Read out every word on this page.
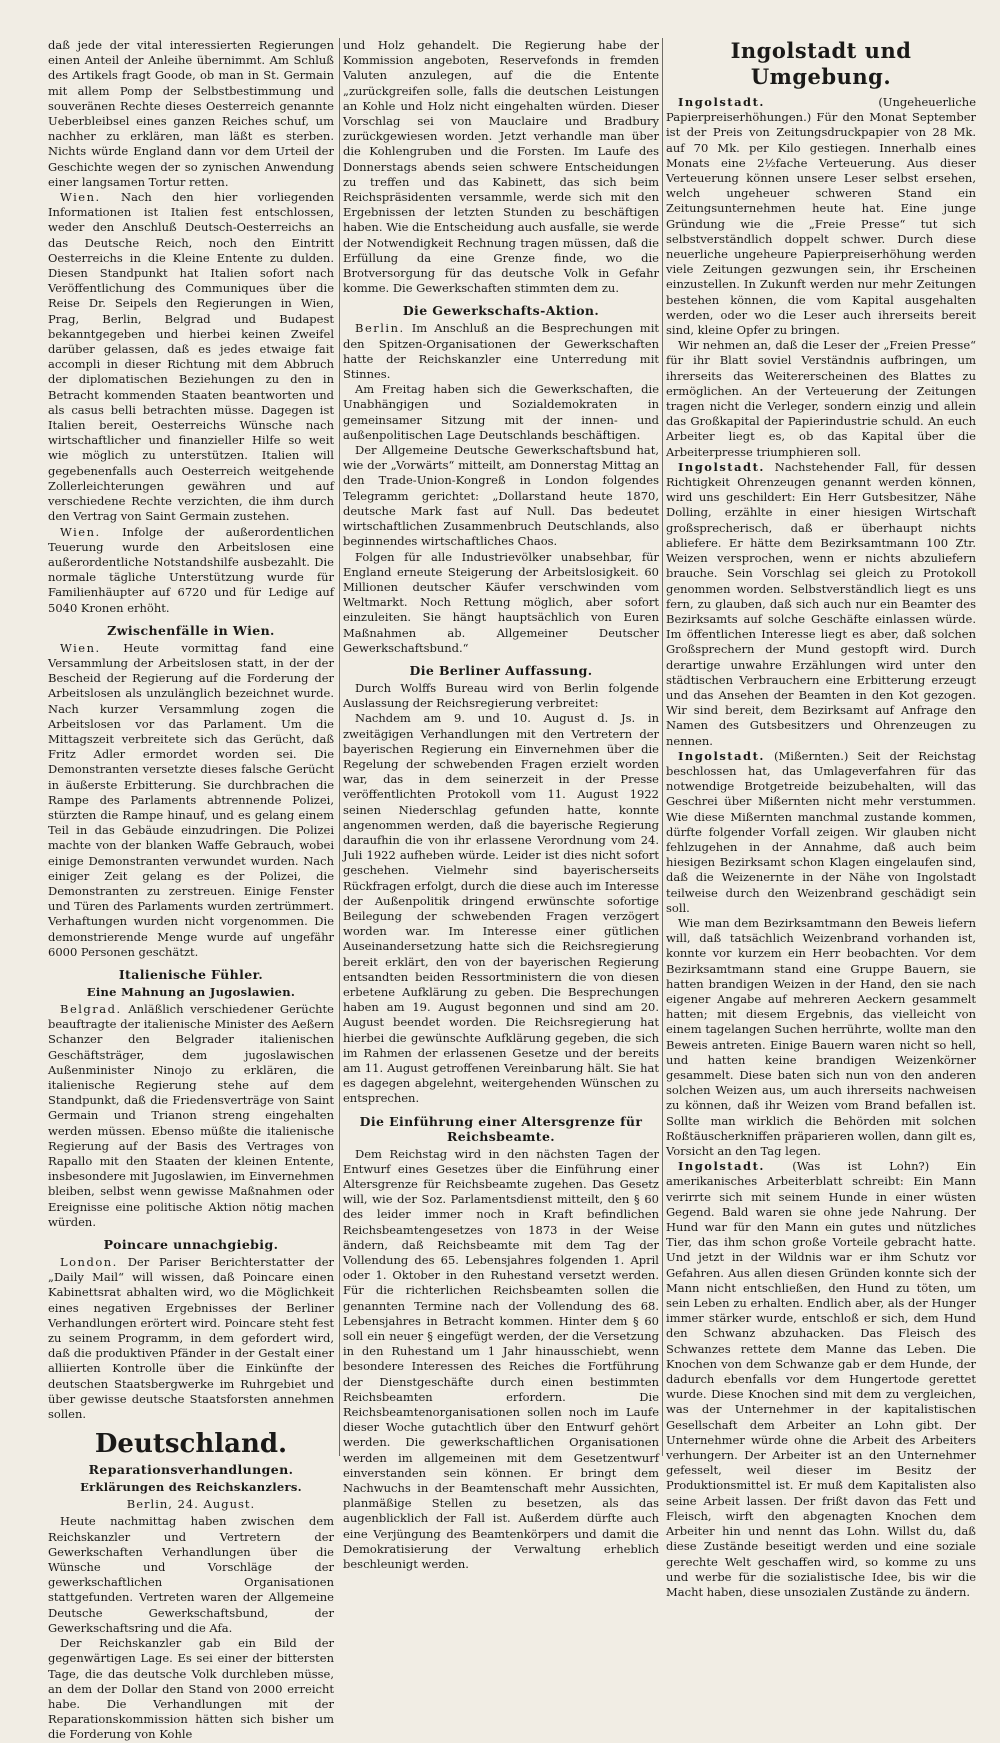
daß jede der vital interessierten Regierungen einen Anteil der Anleihe übernimmt. Am Schluß des Artikels fragt Goode, ob man in St. Germain mit allem Pomp der Selbstbestimmung und souveränen Rechte dieses Oesterreich genannte Ueberbleibsel eines ganzen Reiches schuf, um nachher zu erklären, man läßt es sterben. Nichts würde England dann vor dem Urteil der Geschichte wegen der so zynischen Anwendung einer langsamen Tortur retten.

Wien. Nach den hier vorliegenden Informationen ist Italien fest entschlossen, weder den Anschluß Deutsch-Oesterreichs an das Deutsche Reich, noch den Eintritt Oesterreichs in die Kleine Entente zu dulden. Diesen Standpunkt hat Italien sofort nach Veröffentlichung des Communiques über die Reise Dr. Seipels den Regierungen in Wien, Prag, Berlin, Belgrad und Budapest bekanntgegeben und hierbei keinen Zweifel darüber gelassen, daß es jedes etwaige fait accompli in dieser Richtung mit dem Abbruch der diplomatischen Beziehungen zu den in Betracht kommenden Staaten beantworten und als casus belli betrachten müsse. Dagegen ist Italien bereit, Oesterreichs Wünsche nach wirtschaftlicher und finanzieller Hilfe so weit wie möglich zu unterstützen. Italien will gegebenenfalls auch Oesterreich weitgehende Zollerleichterungen gewähren und auf verschiedene Rechte verzichten, die ihm durch den Vertrag von Saint Germain zustehen.

Wien. Infolge der außerordentlichen Teuerung wurde den Arbeitslosen eine außerordentliche Notstandshilfe ausbezahlt. Die normale tägliche Unterstützung wurde für Familienhäupter auf 6720 und für Ledige auf 5040 Kronen erhöht.

Zwischenfälle in Wien.

Wien. Heute vormittag fand eine Versammlung der Arbeitslosen statt, in der der Bescheid der Regierung auf die Forderung der Arbeitslosen als unzulänglich bezeichnet wurde. Nach kurzer Versammlung zogen die Arbeitslosen vor das Parlament. Um die Mittagszeit verbreitete sich das Gerücht, daß Fritz Adler ermordet worden sei. Die Demonstranten versetzte dieses falsche Gerücht in äußerste Erbitterung. Sie durchbrachen die Rampe des Parlaments abtrennende Polizei, stürzten die Rampe hinauf, und es gelang einem Teil in das Gebäude einzudringen. Die Polizei machte von der blanken Waffe Gebrauch, wobei einige Demonstranten verwundet wurden. Nach einiger Zeit gelang es der Polizei, die Demonstranten zu zerstreuen. Einige Fenster und Türen des Parlaments wurden zertrümmert. Verhaftungen wurden nicht vorgenommen. Die demonstrierende Menge wurde auf ungefähr 6000 Personen geschätzt.

Italienische Fühler.
Eine Mahnung an Jugoslawien.

Belgrad. Anläßlich verschiedener Gerüchte beauftragte der italienische Minister des Aeßern Schanzer den Belgrader italienischen Geschäftsträger, dem jugoslawischen Außenminister Ninojo zu erklären, die italienische Regierung stehe auf dem Standpunkt, daß die Friedensverträge von Saint Germain und Trianon streng eingehalten werden müssen. Ebenso müßte die italienische Regierung auf der Basis des Vertrages von Rapallo mit den Staaten der kleinen Entente, insbesondere mit Jugoslawien, im Einvernehmen bleiben, selbst wenn gewisse Maßnahmen oder Ereignisse eine politische Aktion nötig machen würden.

Poincare unnachgiebig.

London. Der Pariser Berichterstatter der „Daily Mail“ will wissen, daß Poincare einen Kabinettsrat abhalten wird, wo die Möglichkeit eines negativen Ergebnisses der Berliner Verhandlungen erörtert wird. Poincare steht fest zu seinem Programm, in dem gefordert wird, daß die produktiven Pfänder in der Gestalt einer alliierten Kontrolle über die Einkünfte der deutschen Staatsbergwerke im Ruhrgebiet und über gewisse deutsche Staatsforsten annehmen sollen.

Deutschland.
Reparationsverhandlungen.
Erklärungen des Reichskanzlers.
Berlin, 24. August.

Heute nachmittag haben zwischen dem Reichskanzler und Vertretern der Gewerkschaften Verhandlungen über die Wünsche und Vorschläge der gewerkschaftlichen Organisationen stattgefunden. Vertreten waren der Allgemeine Deutsche Gewerkschaftsbund, der Gewerkschaftsring und die Afa.

Der Reichskanzler gab ein Bild der gegenwärtigen Lage. Es sei einer der bittersten Tage, die das deutsche Volk durchleben müsse, an dem der Dollar den Stand von 2000 erreicht habe. Die Verhandlungen mit der Reparationskommission hätten sich bisher um die Forderung von Kohle

und Holz gehandelt. Die Regierung habe der Kommission angeboten, Reservefonds in fremden Valuten anzulegen, auf die die Entente „zurückgreifen solle, falls die deutschen Leistungen an Kohle und Holz nicht eingehalten würden. Dieser Vorschlag sei von Mauclaire und Bradbury zurückgewiesen worden. Jetzt verhandle man über die Kohlengruben und die Forsten. Im Laufe des Donnerstags abends seien schwere Entscheidungen zu treffen und das Kabinett, das sich beim Reichspräsidenten versammle, werde sich mit den Ergebnissen der letzten Stunden zu beschäftigen haben. Wie die Entscheidung auch ausfalle, sie werde der Notwendigkeit Rechnung tragen müssen, daß die Erfüllung da eine Grenze finde, wo die Brotversorgung für das deutsche Volk in Gefahr komme. Die Gewerkschaften stimmten dem zu.

Die Gewerkschafts-Aktion.

Berlin. Im Anschluß an die Besprechungen mit den Spitzen-Organisationen der Gewerkschaften hatte der Reichskanzler eine Unterredung mit Stinnes.

Am Freitag haben sich die Gewerkschaften, die Unabhängigen und Sozialdemokraten in gemeinsamer Sitzung mit der innen- und außenpolitischen Lage Deutschlands beschäftigen.

Der Allgemeine Deutsche Gewerkschaftsbund hat, wie der „Vorwärts“ mitteilt, am Donnerstag Mittag an den Trade-Union-Kongreß in London folgendes Telegramm gerichtet: „Dollarstand heute 1870, deutsche Mark fast auf Null. Das bedeutet wirtschaftlichen Zusammenbruch Deutschlands, also beginnendes wirtschaftliches Chaos.

Folgen für alle Industrievölker unabsehbar, für England erneute Steigerung der Arbeitslosigkeit. 60 Millionen deutscher Käufer verschwinden vom Weltmarkt. Noch Rettung möglich, aber sofort einzuleiten. Sie hängt hauptsächlich von Euren Maßnahmen ab. Allgemeiner Deutscher Gewerkschaftsbund.“

Die Berliner Auffassung.

Durch Wolffs Bureau wird von Berlin folgende Auslassung der Reichsregierung verbreitet:

Nachdem am 9. und 10. August d. Js. in zweitägigen Verhandlungen mit den Vertretern der bayerischen Regierung ein Einvernehmen über die Regelung der schwebenden Fragen erzielt worden war, das in dem seinerzeit in der Presse veröffentlichten Protokoll vom 11. August 1922 seinen Niederschlag gefunden hatte, konnte angenommen werden, daß die bayerische Regierung daraufhin die von ihr erlassene Verordnung vom 24. Juli 1922 aufheben würde. Leider ist dies nicht sofort geschehen. Vielmehr sind bayerischerseits Rückfragen erfolgt, durch die diese auch im Interesse der Außenpolitik dringend erwünschte sofortige Beilegung der schwebenden Fragen verzögert worden war. Im Interesse einer gütlichen Auseinandersetzung hatte sich die Reichsregierung bereit erklärt, den von der bayerischen Regierung entsandten beiden Ressortministern die von diesen erbetene Aufklärung zu geben. Die Besprechungen haben am 19. August begonnen und sind am 20. August beendet worden. Die Reichsregierung hat hierbei die gewünschte Aufklärung gegeben, die sich im Rahmen der erlassenen Gesetze und der bereits am 11. August getroffenen Vereinbarung hält. Sie hat es dagegen abgelehnt, weitergehenden Wünschen zu entsprechen.

Die Einführung einer Altersgrenze für Reichsbeamte.

Dem Reichstag wird in den nächsten Tagen der Entwurf eines Gesetzes über die Einführung einer Altersgrenze für Reichsbeamte zugehen. Das Gesetz will, wie der Soz. Parlamentsdienst mitteilt, den § 60 des leider immer noch in Kraft befindlichen Reichsbeamtengesetzes von 1873 in der Weise ändern, daß Reichsbeamte mit dem Tag der Vollendung des 65. Lebensjahres folgenden 1. April oder 1. Oktober in den Ruhestand versetzt werden. Für die richterlichen Reichsbeamten sollen die genannten Termine nach der Vollendung des 68. Lebensjahres in Betracht kommen. Hinter dem § 60 soll ein neuer § eingefügt werden, der die Versetzung in den Ruhestand um 1 Jahr hinausschiebt, wenn besondere Interessen des Reiches die Fortführung der Dienstgeschäfte durch einen bestimmten Reichsbeamten erfordern. Die Reichsbeamtenorganisationen sollen noch im Laufe dieser Woche gutachtlich über den Entwurf gehört werden. Die gewerkschaftlichen Organisationen werden im allgemeinen mit dem Gesetzentwurf einverstanden sein können. Er bringt dem Nachwuchs in der Beamtenschaft mehr Aussichten, planmäßige Stellen zu besetzen, als das augenblicklich der Fall ist. Außerdem dürfte auch eine Verjüngung des Beamtenkörpers und damit die Demokratisierung der Verwaltung erheblich beschleunigt werden.

Ingolstadt und Umgebung.

Ingolstadt.	(Ungeheuerliche Papierpreiserhöhungen.) Für den Monat September ist der Preis von Zeitungsdruckpapier von 28 Mk. auf 70 Mk. per Kilo gestiegen. Innerhalb eines Monats eine 2½fache Verteuerung. Aus dieser Verteuerung können unsere Leser selbst ersehen, welch ungeheuer schweren Stand ein Zeitungsunternehmen heute hat. Eine junge Gründung wie die „Freie Presse“ tut sich selbstverständlich doppelt schwer. Durch diese neuerliche ungeheure Papierpreiserhöhung werden viele Zeitungen gezwungen sein, ihr Erscheinen einzustellen. In Zukunft werden nur mehr Zeitungen bestehen können, die vom Kapital ausgehalten werden, oder wo die Leser auch ihrerseits bereit sind, kleine Opfer zu bringen.

Wir nehmen an, daß die Leser der „Freien Presse“ für ihr Blatt soviel Verständnis aufbringen, um ihrerseits das Weitererscheinen des Blattes zu ermöglichen. An der Verteuerung der Zeitungen tragen nicht die Verleger, sondern einzig und allein das Großkapital der Papierindustrie schuld. An euch Arbeiter liegt es, ob das Kapital über die Arbeiterpresse triumphieren soll.

Ingolstadt. Nachstehender Fall, für dessen Richtigkeit Ohrenzeugen genannt werden können, wird uns geschildert: Ein Herr Gutsbesitzer, Nähe Dolling, erzählte in einer hiesigen Wirtschaft großsprecherisch, daß er überhaupt nichts abliefere. Er hätte dem Bezirksamtmann 100 Ztr. Weizen versprochen, wenn er nichts abzuliefern brauche. Sein Vorschlag sei gleich zu Protokoll genommen worden. Selbstverständlich liegt es uns fern, zu glauben, daß sich auch nur ein Beamter des Bezirksamts auf solche Geschäfte einlassen würde. Im öffentlichen Interesse liegt es aber, daß solchen Großsprechern der Mund gestopft wird. Durch derartige unwahre Erzählungen wird unter den städtischen Verbrauchern eine Erbitterung erzeugt und das Ansehen der Beamten in den Kot gezogen. Wir sind bereit, dem Bezirksamt auf Anfrage den Namen des Gutsbesitzers und Ohrenzeugen zu nennen.

Ingolstadt. (Mißernten.) Seit der Reichstag beschlossen hat, das Umlageverfahren für das notwendige Brotgetreide beizubehalten, will das Geschrei über Mißernten nicht mehr verstummen. Wie diese Mißernten manchmal zustande kommen, dürfte folgender Vorfall zeigen. Wir glauben nicht fehlzugehen in der Annahme, daß auch beim hiesigen Bezirksamt schon Klagen eingelaufen sind, daß die Weizenernte in der Nähe von Ingolstadt teilweise durch den Weizenbrand geschädigt sein soll.

Wie man dem Bezirksamtmann den Beweis liefern will, daß tatsächlich Weizenbrand vorhanden ist, konnte vor kurzem ein Herr beobachten. Vor dem Bezirksamtmann stand eine Gruppe Bauern, sie hatten brandigen Weizen in der Hand, den sie nach eigener Angabe auf mehreren Aeckern gesammelt hatten; mit diesem Ergebnis, das vielleicht von einem tagelangen Suchen herrührte, wollte man den Beweis antreten. Einige Bauern waren nicht so hell, und hatten keine brandigen Weizenkörner gesammelt. Diese baten sich nun von den anderen solchen Weizen aus, um auch ihrerseits nachweisen zu können, daß ihr Weizen vom Brand befallen ist. Sollte man wirklich die Behörden mit solchen Roßtäuscherkniffen präparieren wollen, dann gilt es, Vorsicht an den Tag legen.

Ingolstadt. (Was ist Lohn?) Ein amerikanisches Arbeiterblatt schreibt: Ein Mann verirrte sich mit seinem Hunde in einer wüsten Gegend. Bald waren sie ohne jede Nahrung. Der Hund war für den Mann ein gutes und nützliches Tier, das ihm schon große Vorteile gebracht hatte. Und jetzt in der Wildnis war er ihm Schutz vor Gefahren. Aus allen diesen Gründen konnte sich der Mann nicht entschließen, den Hund zu töten, um sein Leben zu erhalten. Endlich aber, als der Hunger immer stärker wurde, entschloß er sich, dem Hund den Schwanz abzuhacken. Das Fleisch des Schwanzes rettete dem Manne das Leben. Die Knochen von dem Schwanze gab er dem Hunde, der dadurch ebenfalls vor dem Hungertode gerettet wurde. Diese Knochen sind mit dem zu vergleichen, was der Unternehmer in der kapitalistischen Gesellschaft dem Arbeiter an Lohn gibt. Der Unternehmer würde ohne die Arbeit des Arbeiters verhungern. Der Arbeiter ist an den Unternehmer gefesselt, weil dieser im Besitz der Produktionsmittel ist. Er muß dem Kapitalisten also seine Arbeit lassen. Der frißt davon das Fett und Fleisch, wirft den abgenagten Knochen dem Arbeiter hin und nennt das Lohn. Willst du, daß diese Zustände beseitigt werden und eine soziale gerechte Welt geschaffen wird, so komme zu uns und werbe für die sozialistische Idee, bis wir die Macht haben, diese unsozialen Zustände zu ändern.
